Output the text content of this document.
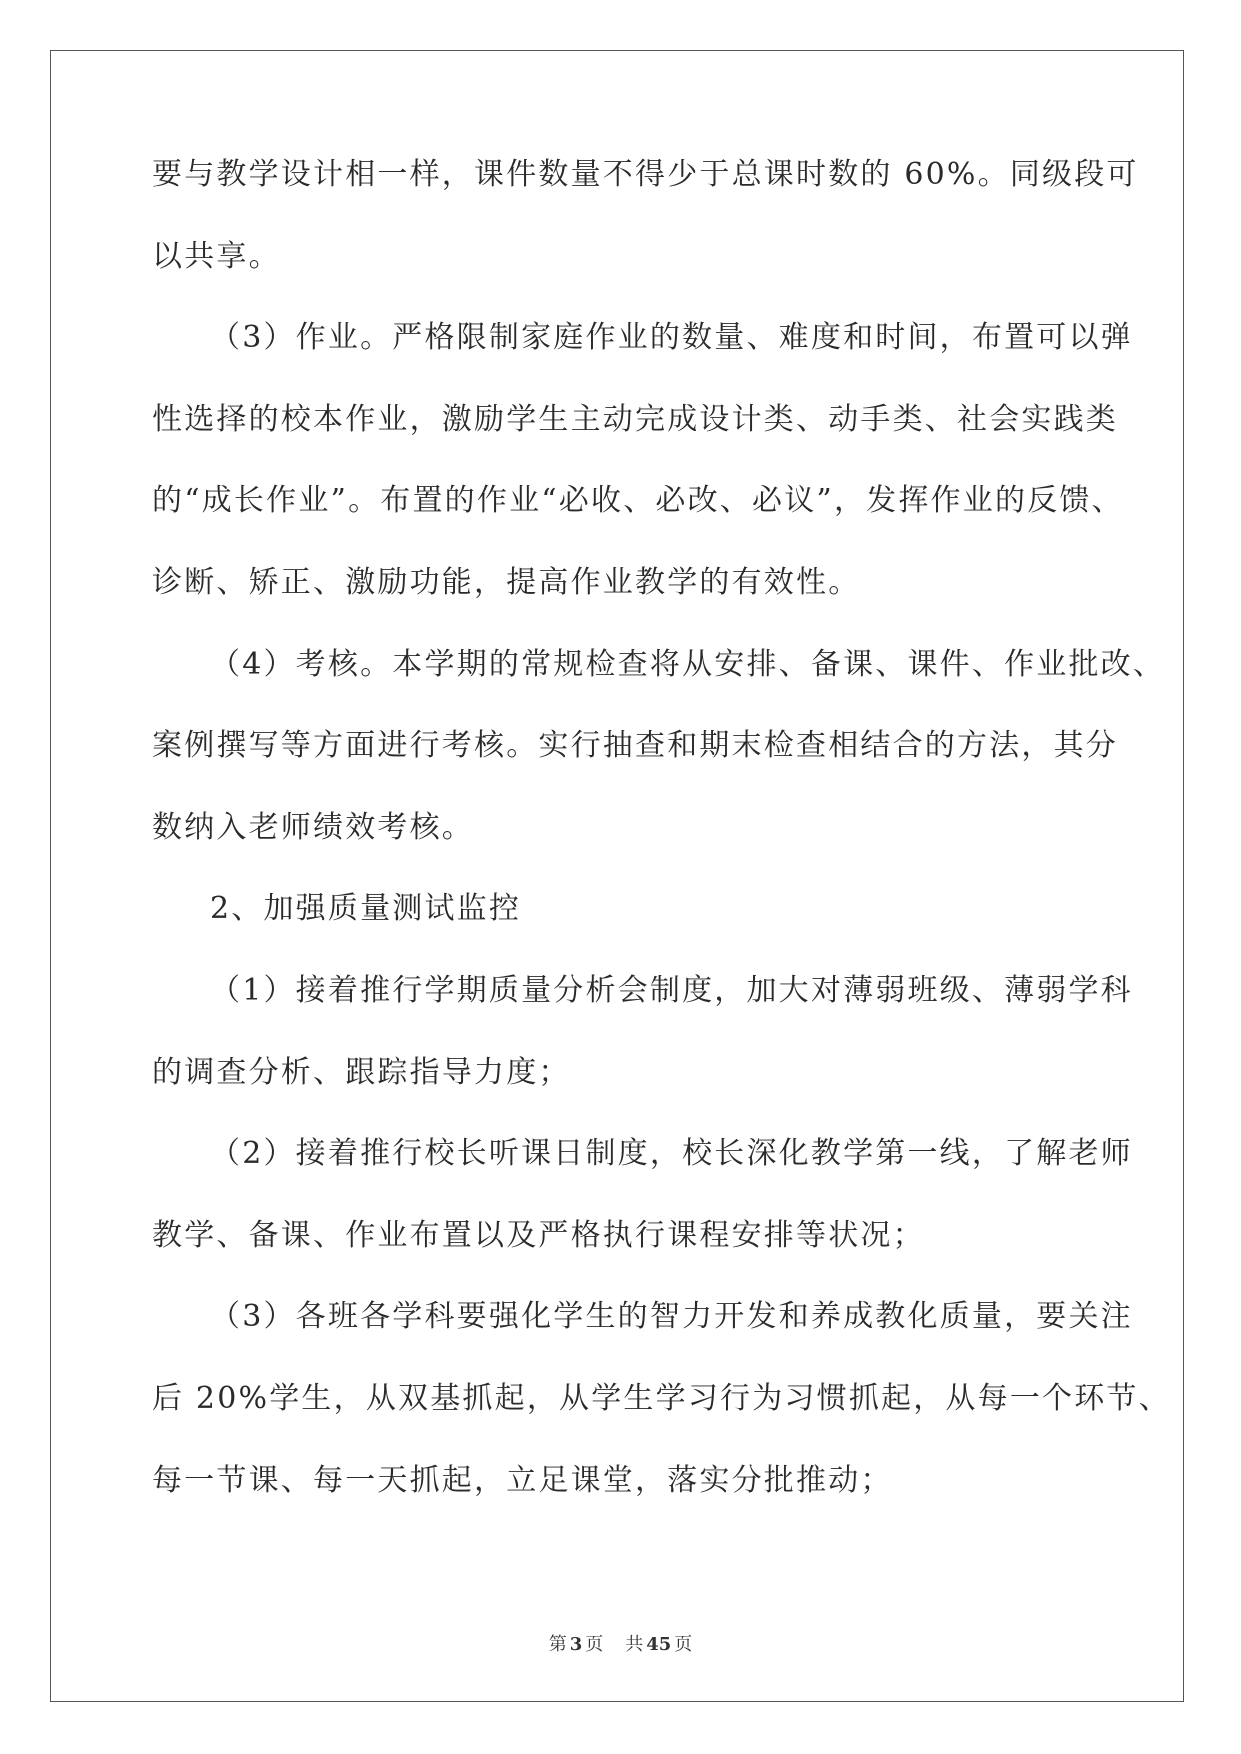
要与教学设计相一样，课件数量不得少于总课时数的 60%。同级段可
以共享。
（3）作业。严格限制家庭作业的数量、难度和时间，布置可以弹
性选择的校本作业，激励学生主动完成设计类、动手类、社会实践类
的“成长作业”。布置的作业“必收、必改、必议”，发挥作业的反馈、
诊断、矫正、激励功能，提高作业教学的有效性。
（4）考核。本学期的常规检查将从安排、备课、课件、作业批改、
案例撰写等方面进行考核。实行抽查和期末检查相结合的方法，其分
数纳入老师绩效考核。
2、加强质量测试监控
（1）接着推行学期质量分析会制度，加大对薄弱班级、薄弱学科
的调查分析、跟踪指导力度；
（2）接着推行校长听课日制度，校长深化教学第一线，了解老师
教学、备课、作业布置以及严格执行课程安排等状况；
（3）各班各学科要强化学生的智力开发和养成教化质量，要关注
后 20%学生，从双基抓起，从学生学习行为习惯抓起，从每一个环节、
每一节课、每一天抓起，立足课堂，落实分批推动；
第 3 页 共 45 页
